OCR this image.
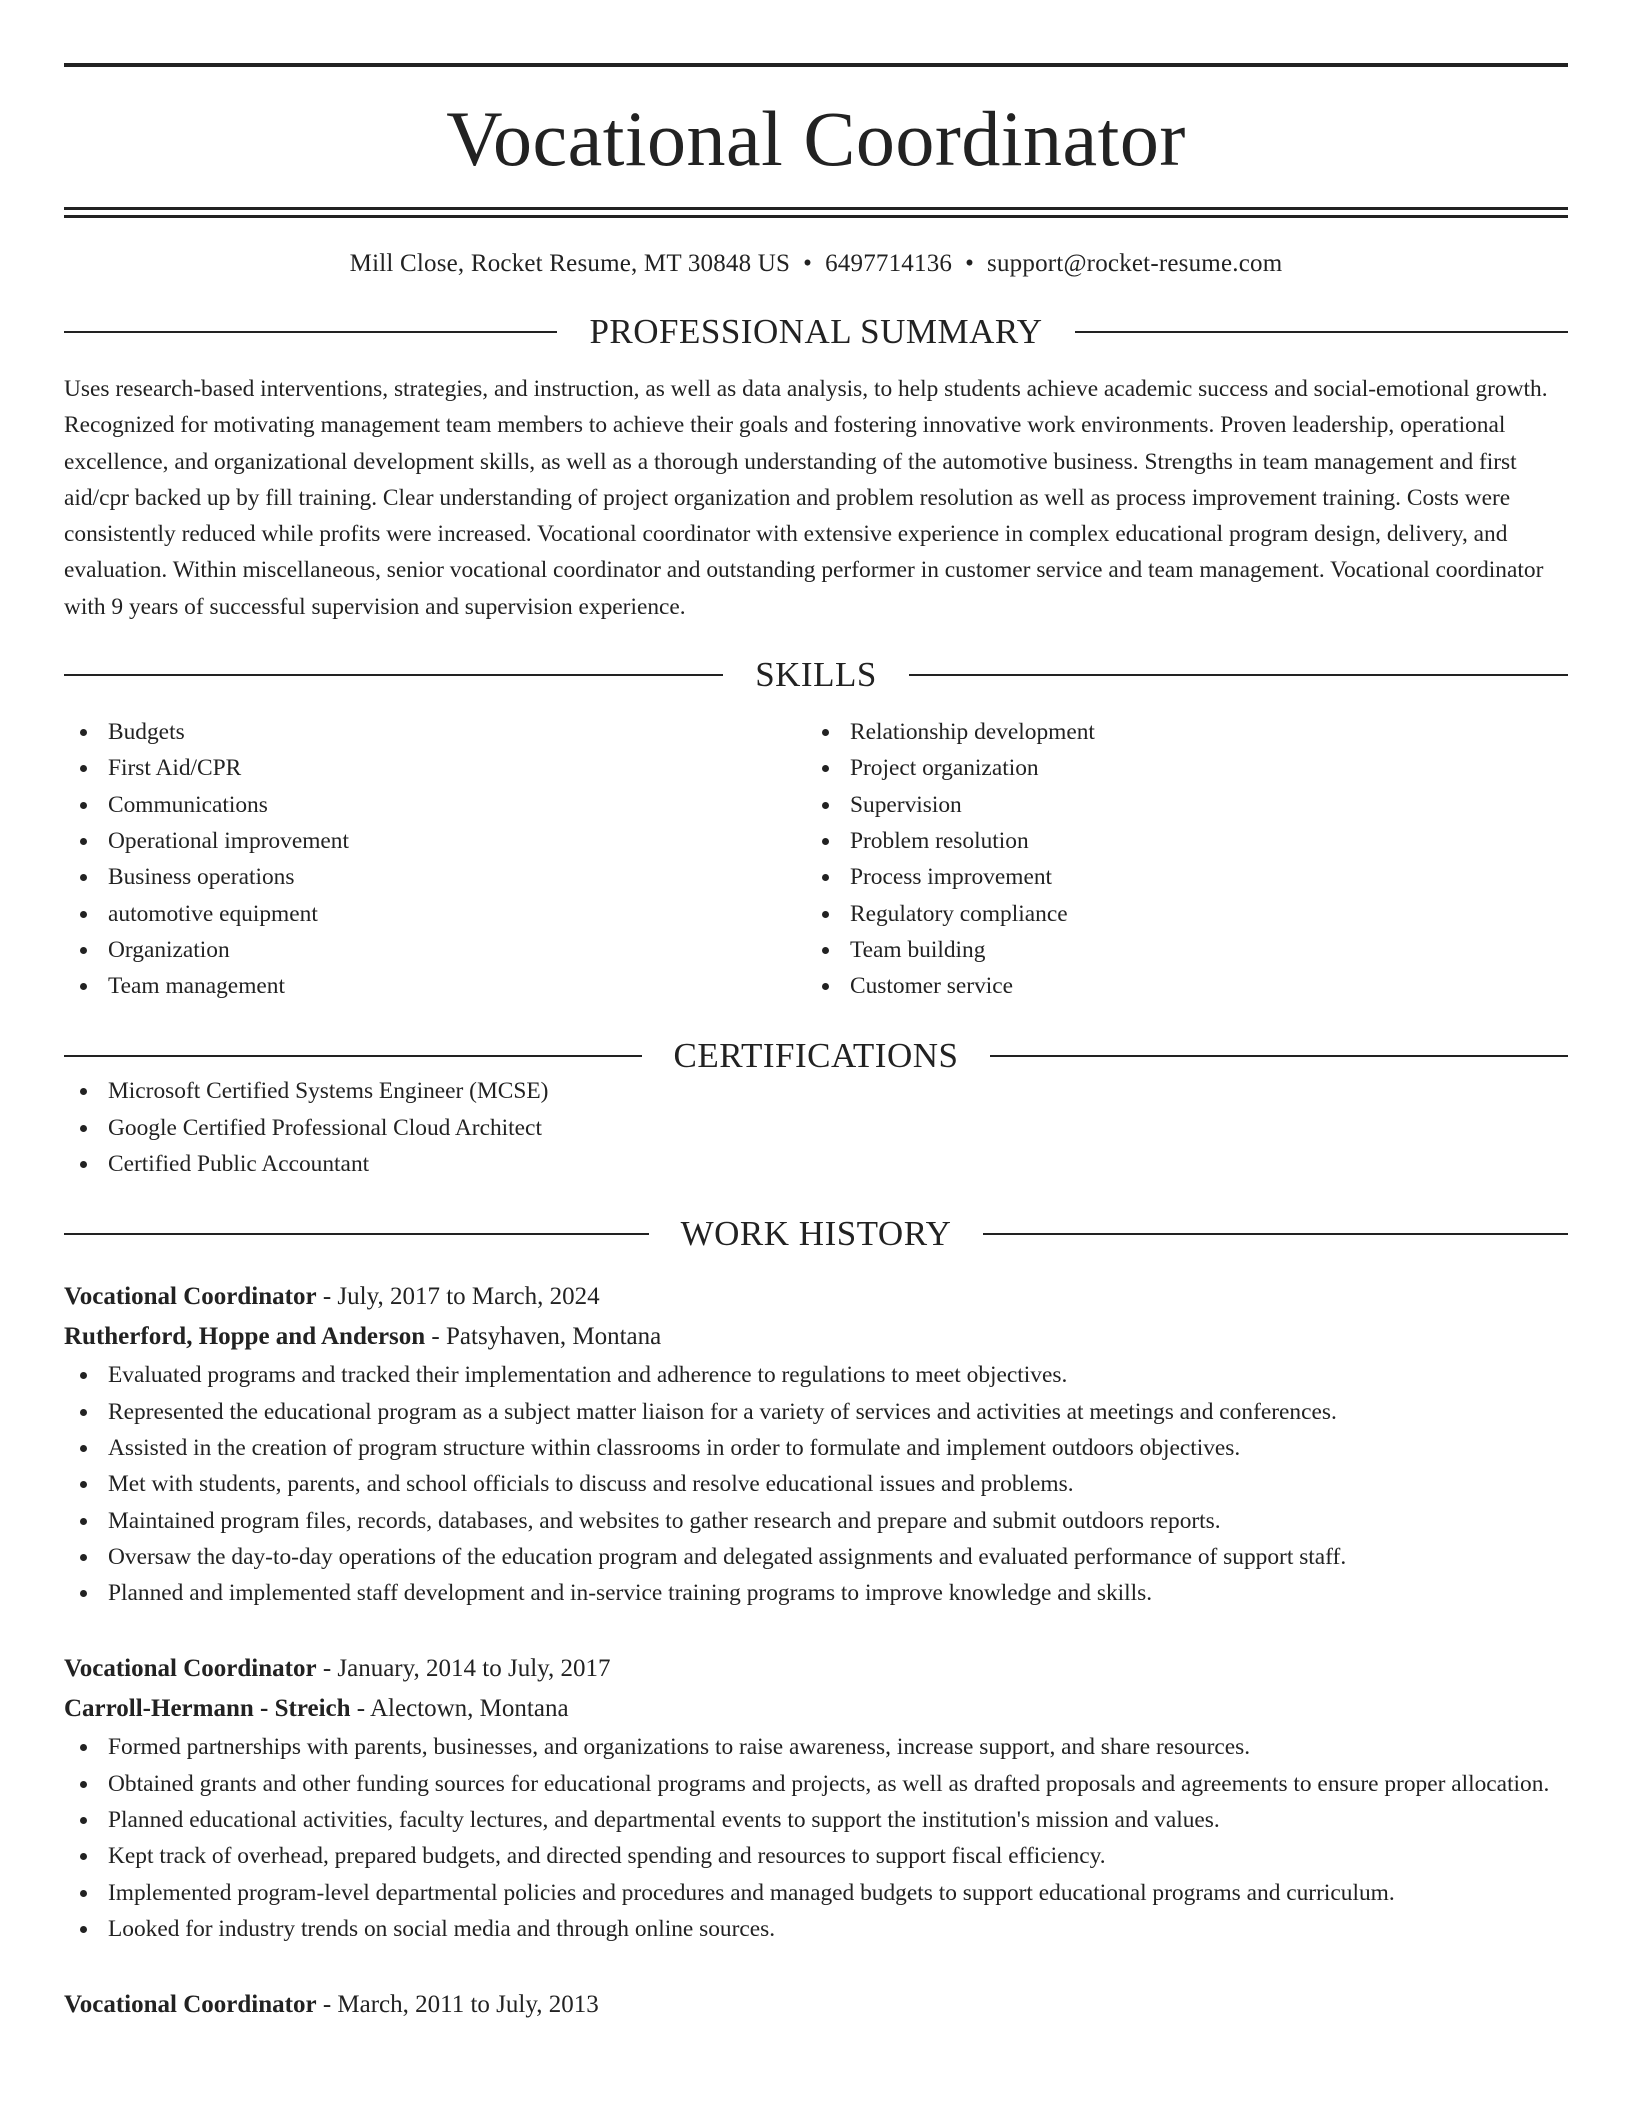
Vocational Coordinator
Mill Close, Rocket Resume, MT 30848 US • 6497714136 • support@rocket-resume.com
PROFESSIONAL SUMMARY
Uses research-based interventions, strategies, and instruction, as well as data analysis, to help students achieve academic success and social-emotional growth. Recognized for motivating management team members to achieve their goals and fostering innovative work environments. Proven leadership, operational excellence, and organizational development skills, as well as a thorough understanding of the automotive business. Strengths in team management and first aid/cpr backed up by fill training. Clear understanding of project organization and problem resolution as well as process improvement training. Costs were consistently reduced while profits were increased. Vocational coordinator with extensive experience in complex educational program design, delivery, and evaluation. Within miscellaneous, senior vocational coordinator and outstanding performer in customer service and team management. Vocational coordinator with 9 years of successful supervision and supervision experience.
SKILLS
Budgets
First Aid/CPR
Communications
Operational improvement
Business operations
automotive equipment
Organization
Team management
Relationship development
Project organization
Supervision
Problem resolution
Process improvement
Regulatory compliance
Team building
Customer service
CERTIFICATIONS
Microsoft Certified Systems Engineer (MCSE)
Google Certified Professional Cloud Architect
Certified Public Accountant
WORK HISTORY
Vocational Coordinator - July, 2017 to March, 2024
Rutherford, Hoppe and Anderson - Patsyhaven, Montana
Evaluated programs and tracked their implementation and adherence to regulations to meet objectives.
Represented the educational program as a subject matter liaison for a variety of services and activities at meetings and conferences.
Assisted in the creation of program structure within classrooms in order to formulate and implement outdoors objectives.
Met with students, parents, and school officials to discuss and resolve educational issues and problems.
Maintained program files, records, databases, and websites to gather research and prepare and submit outdoors reports.
Oversaw the day-to-day operations of the education program and delegated assignments and evaluated performance of support staff.
Planned and implemented staff development and in-service training programs to improve knowledge and skills.
Vocational Coordinator - January, 2014 to July, 2017
Carroll-Hermann - Streich - Alectown, Montana
Formed partnerships with parents, businesses, and organizations to raise awareness, increase support, and share resources.
Obtained grants and other funding sources for educational programs and projects, as well as drafted proposals and agreements to ensure proper allocation.
Planned educational activities, faculty lectures, and departmental events to support the institution's mission and values.
Kept track of overhead, prepared budgets, and directed spending and resources to support fiscal efficiency.
Implemented program-level departmental policies and procedures and managed budgets to support educational programs and curriculum.
Looked for industry trends on social media and through online sources.
Vocational Coordinator - March, 2011 to July, 2013
